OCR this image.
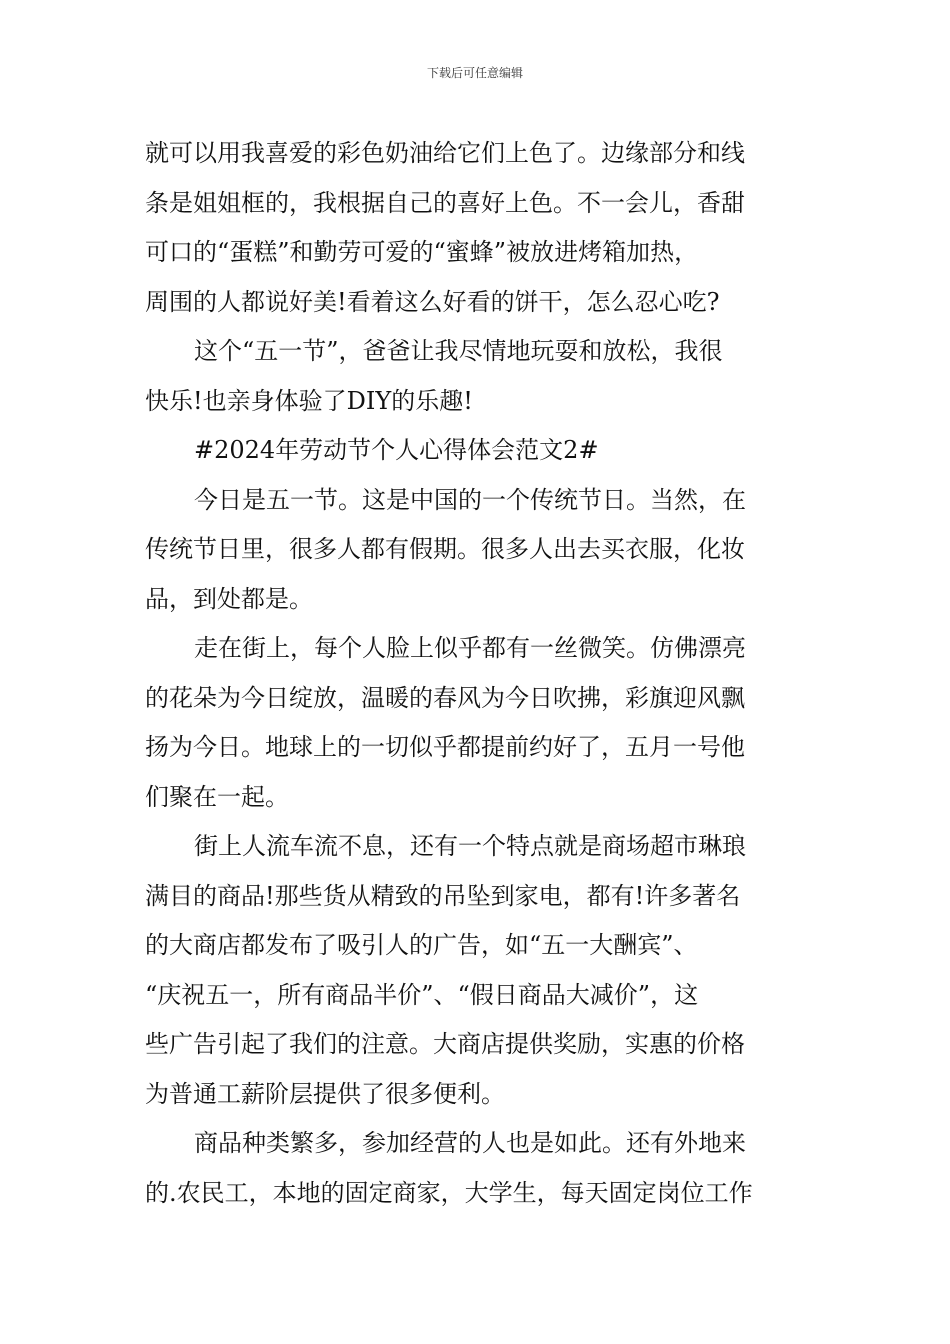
下载后可任意编辑

就可以用我喜爱的彩色奶油给它们上色了。边缘部分和线
条是姐姐框的，我根据自己的喜好上色。不一会儿，香甜
可口的“蛋糕”和勤劳可爱的“蜜蜂”被放进烤箱加热，
周围的人都说好美!看着这么好看的饼干，怎么忍心吃?

这个“五一节”，爸爸让我尽情地玩耍和放松，我很
快乐!也亲身体验了DIY的乐趣!

#2024年劳动节个人心得体会范文2#

今日是五一节。这是中国的一个传统节日。当然，在
传统节日里，很多人都有假期。很多人出去买衣服，化妆
品，到处都是。

走在街上，每个人脸上似乎都有一丝微笑。仿佛漂亮
的花朵为今日绽放，温暖的春风为今日吹拂，彩旗迎风飘
扬为今日。地球上的一切似乎都提前约好了，五月一号他
们聚在一起。

街上人流车流不息，还有一个特点就是商场超市琳琅
满目的商品!那些货从精致的吊坠到家电，都有!许多著名
的大商店都发布了吸引人的广告，如“五一大酬宾”、
“庆祝五一，所有商品半价”、“假日商品大减价”，这
些广告引起了我们的注意。大商店提供奖励，实惠的价格
为普通工薪阶层提供了很多便利。

商品种类繁多，参加经营的人也是如此。还有外地来
的.农民工，本地的固定商家，大学生，每天固定岗位工作
